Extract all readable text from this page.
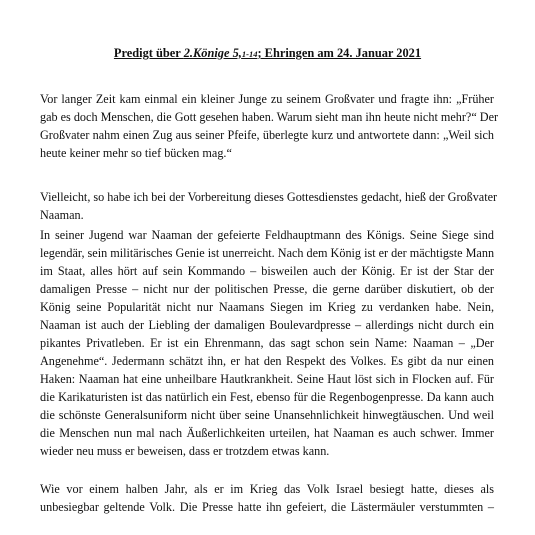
Predigt über 2.Könige 5,1-14; Ehringen am 24. Januar 2021
Vor langer Zeit kam einmal ein kleiner Junge zu seinem Großvater und fragte ihn: „Früher
gab es doch Menschen, die Gott gesehen haben. Warum sieht man ihn heute nicht mehr?“ Der
Großvater nahm einen Zug aus seiner Pfeife, überlegte kurz und antwortete dann: „Weil sich
heute keiner mehr so tief bücken mag.“
Vielleicht, so habe ich bei der Vorbereitung dieses Gottesdienstes gedacht, hieß der Großvater
Naaman.
In seiner Jugend war Naaman der gefeierte Feldhauptmann des Königs. Seine Siege sind
legendär, sein militärisches Genie ist unerreicht. Nach dem König ist er der mächtigste Mann
im Staat, alles hört auf sein Kommando – bisweilen auch der König. Er ist der Star der
damaligen Presse – nicht nur der politischen Presse, die gerne darüber diskutiert, ob der
König seine Popularität nicht nur Naamans Siegen im Krieg zu verdanken habe. Nein,
Naaman ist auch der Liebling der damaligen Boulevardpresse – allerdings nicht durch ein
pikantes Privatleben. Er ist ein Ehrenmann, das sagt schon sein Name: Naaman – „Der
Angenehme“. Jedermann schätzt ihn, er hat den Respekt des Volkes. Es gibt da nur einen
Haken: Naaman hat eine unheilbare Hautkrankheit. Seine Haut löst sich in Flocken auf. Für
die Karikaturisten ist das natürlich ein Fest, ebenso für die Regenbogenpresse. Da kann auch
die schönste Generalsuniform nicht über seine Unansehnlichkeit hinwegtäuschen. Und weil
die Menschen nun mal nach Äußerlichkeiten urteilen, hat Naaman es auch schwer. Immer
wieder neu muss er beweisen, dass er trotzdem etwas kann.
Wie vor einem halben Jahr, als er im Krieg das Volk Israel besiegt hatte, dieses als
unbesiegbar geltende Volk. Die Presse hatte ihn gefeiert, die Lästermäuler verstummten –
